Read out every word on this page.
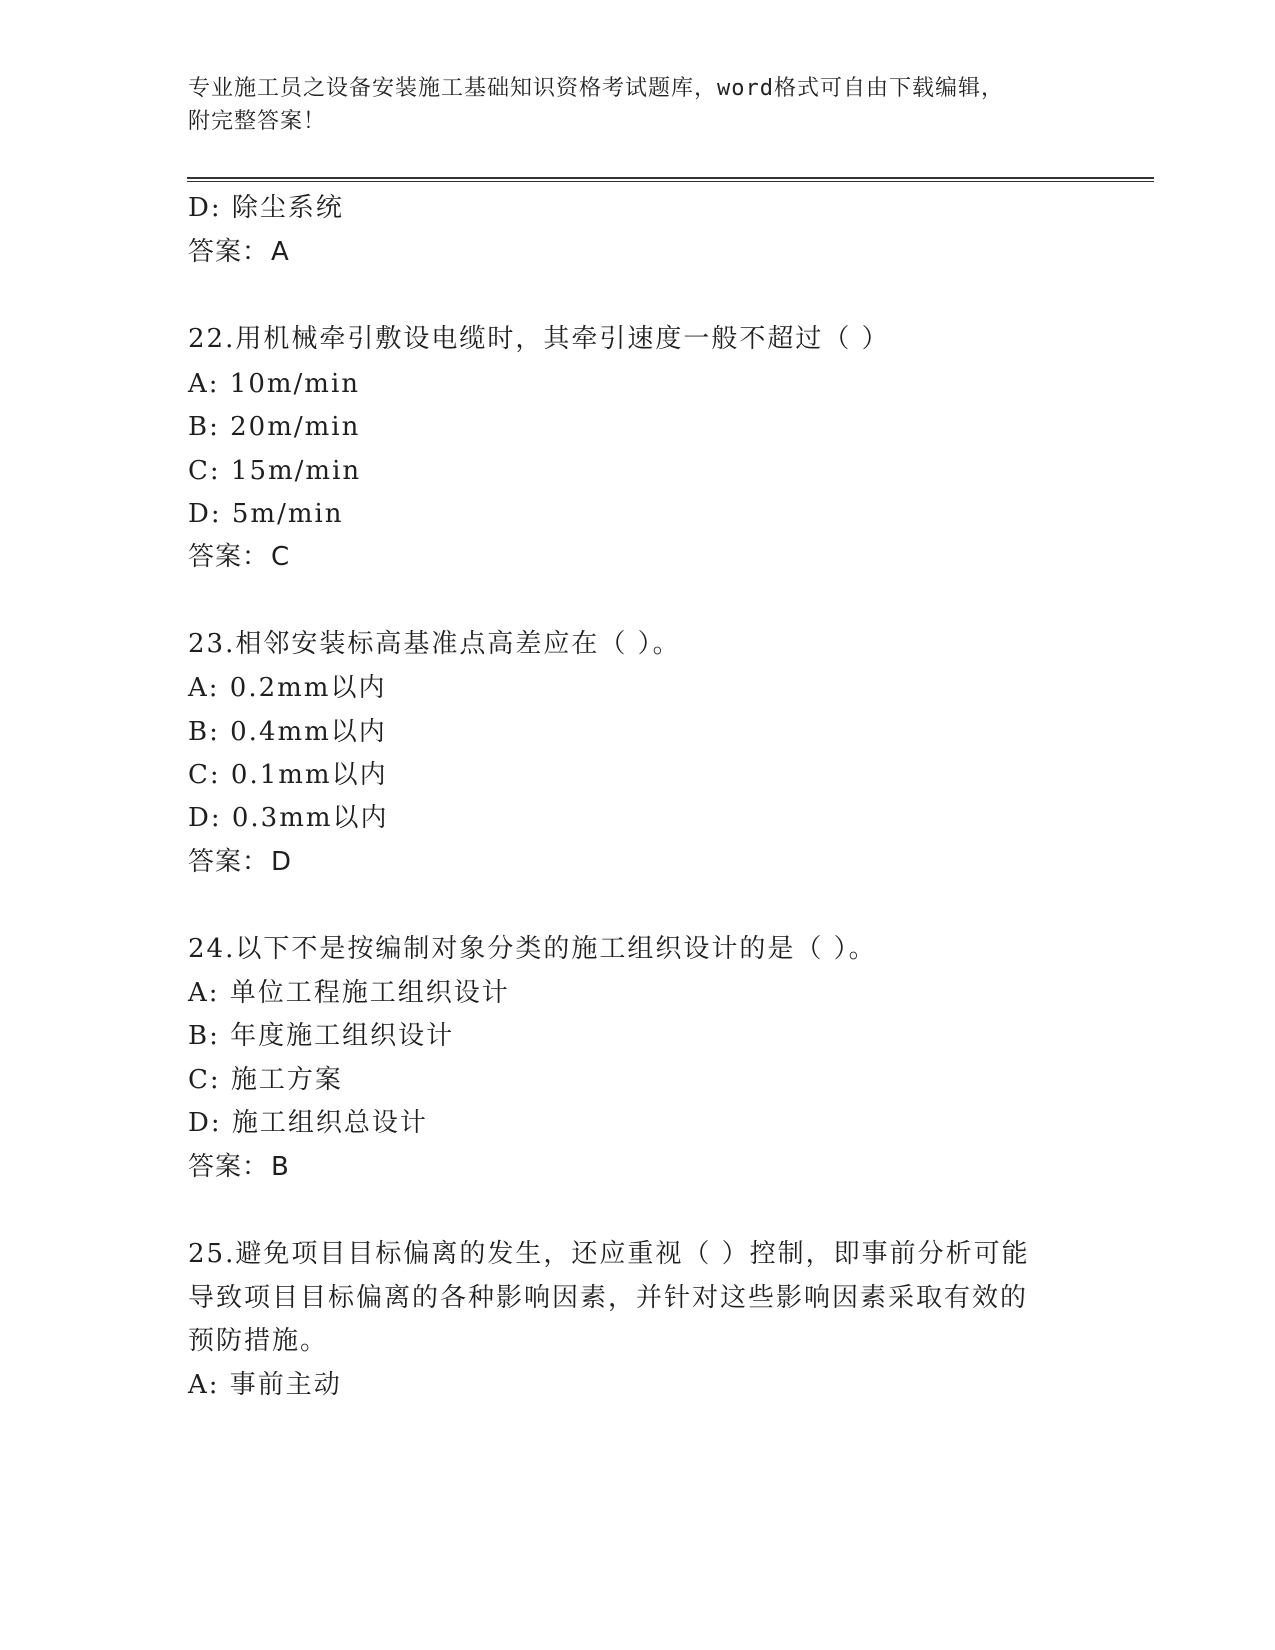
专业施工员之设备安装施工基础知识资格考试题库，word格式可自由下载编辑，
附完整答案！
D: 除尘系统
答案：A
22.用机械牵引敷设电缆时，其牵引速度一般不超过（ ）
A: 10m/min
B: 20m/min
C: 15m/min
D: 5m/min
答案：C
23.相邻安装标高基准点高差应在（ ）。
A: 0.2mm以内
B: 0.4mm以内
C: 0.1mm以内
D: 0.3mm以内
答案：D
24.以下不是按编制对象分类的施工组织设计的是（ ）。
A: 单位工程施工组织设计
B: 年度施工组织设计
C: 施工方案
D: 施工组织总设计
答案：B
25.避免项目目标偏离的发生，还应重视（ ）控制，即事前分析可能
导致项目目标偏离的各种影响因素，并针对这些影响因素采取有效的
预防措施。
A: 事前主动
